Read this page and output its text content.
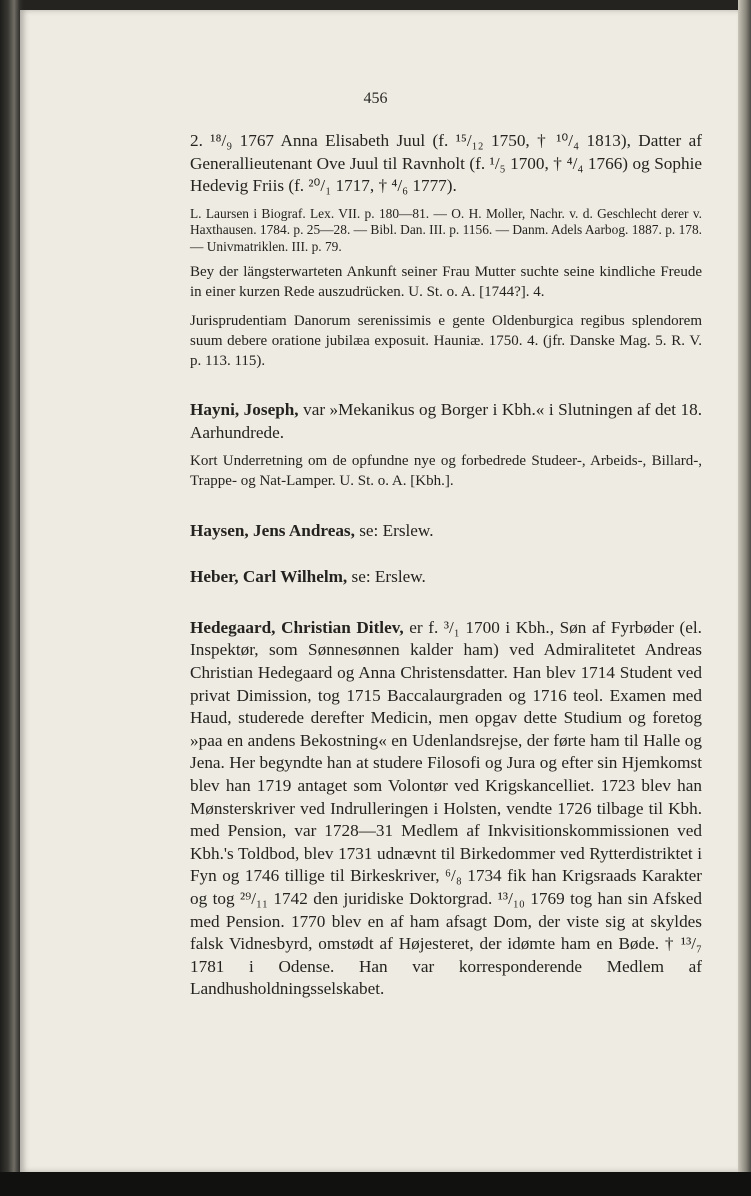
456

2. ¹⁸/₉ 1767 Anna Elisabeth Juul (f. ¹⁵/₁₂ 1750, † ¹⁰/₄ 1813), Datter af Generallieutenant Ove Juul til Ravnholt (f. ¹/₅ 1700, † ⁴/₄ 1766) og Sophie Hedevig Friis (f. ²⁰/₁ 1717, † ⁴/₆ 1777).

L. Laursen i Biograf. Lex. VII. p. 180—81. — O. H. Moller, Nachr. v. d. Geschlecht derer v. Haxthausen. 1784. p. 25—28. — Bibl. Dan. III. p. 1156. — Danm. Adels Aarbog. 1887. p. 178. — Univmatriklen. III. p. 79.

Bey der längsterwarteten Ankunft seiner Frau Mutter suchte seine kindliche Freude in einer kurzen Rede auszudrücken. U. St. o. A. [1744?]. 4.

Jurisprudentiam Danorum serenissimis e gente Oldenburgica regibus splendorem suum debere oratione jubilæa exposuit. Hauniæ. 1750. 4. (jfr. Danske Mag. 5. R. V. p. 113. 115).

Hayni, Joseph, var »Mekanikus og Borger i Kbh.« i Slutningen af det 18. Aarhundrede.

Kort Underretning om de opfundne nye og forbedrede Studeer-, Arbeids-, Billard-, Trappe- og Nat-Lamper. U. St. o. A. [Kbh.].

Haysen, Jens Andreas, se: Erslew.

Heber, Carl Wilhelm, se: Erslew.

Hedegaard, Christian Ditlev, er f. ³/₁ 1700 i Kbh., Søn af Fyrbøder (el. Inspektør, som Sønnesønnen kalder ham) ved Admiralitetet Andreas Christian Hedegaard og Anna Christensdatter. Han blev 1714 Student ved privat Dimission, tog 1715 Baccalaurgraden og 1716 teol. Examen med Haud, studerede derefter Medicin, men opgav dette Studium og foretog »paa en andens Bekostning« en Udenlandsrejse, der førte ham til Halle og Jena. Her begyndte han at studere Filosofi og Jura og efter sin Hjemkomst blev han 1719 antaget som Volontør ved Krigskancelliet. 1723 blev han Mønsterskriver ved Indrulleringen i Holsten, vendte 1726 tilbage til Kbh. med Pension, var 1728—31 Medlem af Inkvisitionskommissionen ved Kbh.'s Toldbod, blev 1731 udnævnt til Birkedommer ved Rytterdistriktet i Fyn og 1746 tillige til Birkeskriver, ⁶/₈ 1734 fik han Krigsraads Karakter og tog ²⁹/₁₁ 1742 den juridiske Doktorgrad. ¹³/₁₀ 1769 tog han sin Afsked med Pension. 1770 blev en af ham afsagt Dom, der viste sig at skyldes falsk Vidnesbyrd, omstødt af Højesteret, der idømte ham en Bøde. † ¹³/₇ 1781 i Odense. Han var korresponderende Medlem af Landhusholdningsselskabet.
